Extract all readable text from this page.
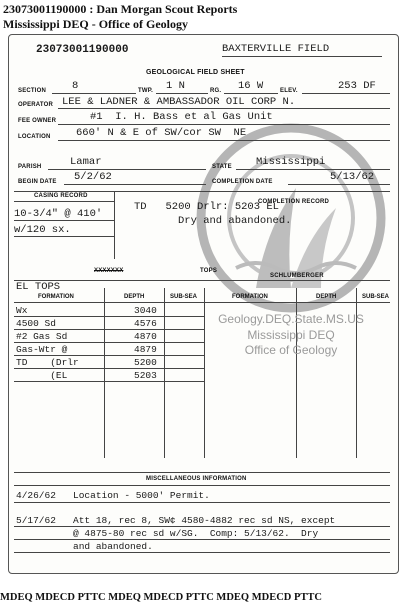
23073001190000 : Dan Morgan Scout Reports
Mississippi DEQ - Office of Geology
23073001190000	BAXTERVILLE FIELD
GEOLOGICAL FIELD SHEET
SECTION 8	TWP. 1 N	RG. 16 W	ELEV.	253 DF
OPERATOR LEE & LADNER & AMBASSADOR OIL CORP N.
FEE OWNER	#1  I. H. Bass et al Gas Unit
LOCATION 660' N & E of SW/cor SW  NE
PARISH	Lamar	STATE Mississippi
BEGIN DATE 5/2/62	COMPLETION DATE	5/13/62
CASING RECORD
COMPLETION RECORD
10-3/4" @ 410'
w/120 sx.
TD   5200 Drlr: 5203 EL
Dry and abandoned.
XXXXXXX	TOPS
SCHLUMBERGER
EL TOPS
FORMATION	DEPTH	SUB-SEA	FORMATION	DEPTH	SUB-SEA
Wx	3040
4500 Sd	4576
#2 Gas Sd	4870
Gas-Wtr @	4879
TD    (Drlr	5200
(EL	5203
Geology.DEQ.State.MS.US
Mississippi DEQ
Office of Geology
MISCELLANEOUS INFORMATION
4/26/62   Location - 5000' Permit.
5/17/62   Att 18, rec 8, SW¢ 4580-4882 rec sd NS, except
@ 4875-80 rec sd w/SG.  Comp: 5/13/62.  Dry
and abandoned.
MDEQ MDECD PTTC MDEQ MDECD PTTC MDEQ MDECD PTTC
